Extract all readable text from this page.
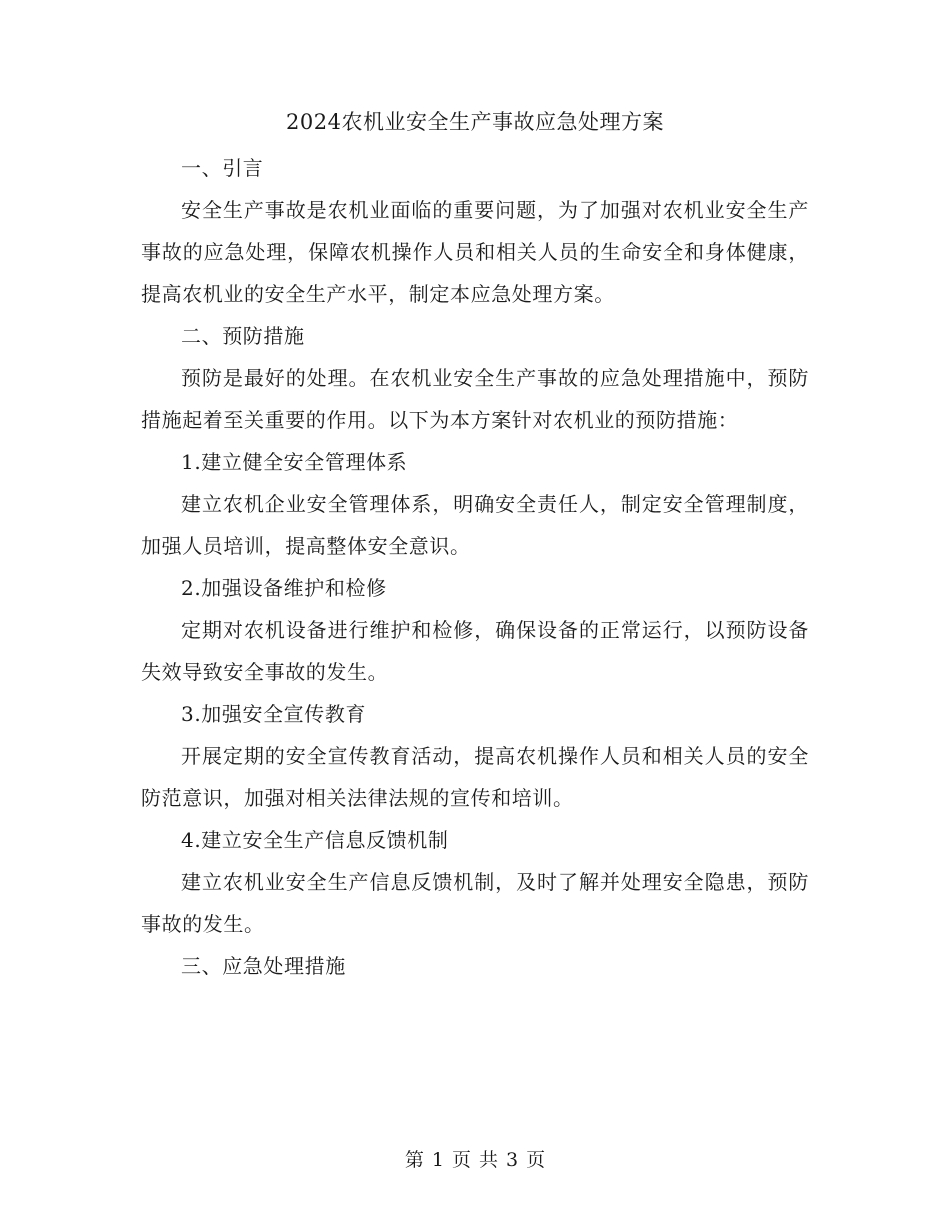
2024农机业安全生产事故应急处理方案

一、引言

安全生产事故是农机业面临的重要问题，为了加强对农机业安全生产事故的应急处理，保障农机操作人员和相关人员的生命安全和身体健康，提高农机业的安全生产水平，制定本应急处理方案。

二、预防措施

预防是最好的处理。在农机业安全生产事故的应急处理措施中，预防措施起着至关重要的作用。以下为本方案针对农机业的预防措施：

1.建立健全安全管理体系

建立农机企业安全管理体系，明确安全责任人，制定安全管理制度，加强人员培训，提高整体安全意识。

2.加强设备维护和检修

定期对农机设备进行维护和检修，确保设备的正常运行，以预防设备失效导致安全事故的发生。

3.加强安全宣传教育

开展定期的安全宣传教育活动，提高农机操作人员和相关人员的安全防范意识，加强对相关法律法规的宣传和培训。

4.建立安全生产信息反馈机制

建立农机业安全生产信息反馈机制，及时了解并处理安全隐患，预防事故的发生。

三、应急处理措施

第 1 页 共 3 页
